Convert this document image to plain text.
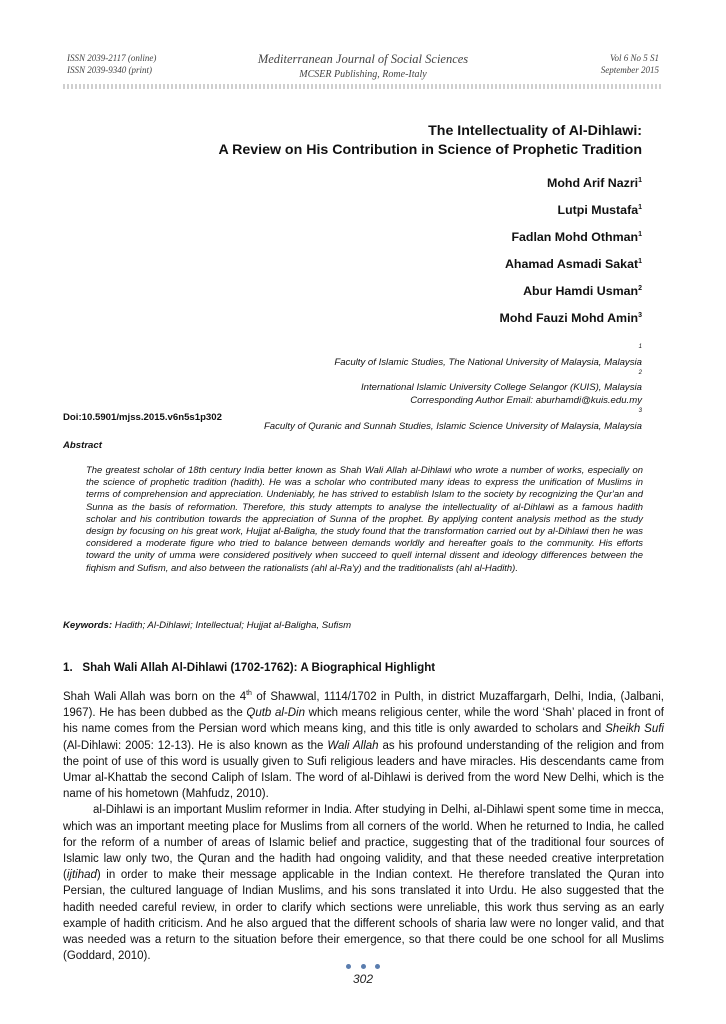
ISSN 2039-2117 (online)
ISSN 2039-9340 (print)
Mediterranean Journal of Social Sciences
MCSER Publishing, Rome-Italy
Vol 6 No 5 S1
September 2015
The Intellectuality of Al-Dihlawi:
A Review on His Contribution in Science of Prophetic Tradition
Mohd Arif Nazri$^1$
Lutpi Mustafa$^1$
Fadlan Mohd Othman$^1$
Ahamad Asmadi Sakat$^1$
Abur Hamdi Usman$^2$
Mohd Fauzi Mohd Amin$^3$
$^1$
Faculty of Islamic Studies, The National University of Malaysia, Malaysia
$^2$
International Islamic University College Selangor (KUIS), Malaysia
Corresponding Author Email: aburhamdi@kuis.edu.my
$^3$
Faculty of Quranic and Sunnah Studies, Islamic Science University of Malaysia, Malaysia
Doi:10.5901/mjss.2015.v6n5s1p302
Abstract
The greatest scholar of 18th century India better known as Shah Wali Allah al-Dihlawi who wrote a number of works, especially on the science of prophetic tradition (hadith). He was a scholar who contributed many ideas to express the unification of Muslims in terms of comprehension and appreciation. Undeniably, he has strived to establish Islam to the society by recognizing the Qur'an and Sunna as the basis of reformation. Therefore, this study attempts to analyse the intellectuality of al-Dihlawi as a famous hadith scholar and his contribution towards the appreciation of Sunna of the prophet. By applying content analysis method as the study design by focusing on his great work, Hujjat al-Baligha, the study found that the transformation carried out by al-Dihlawi then he was considered a moderate figure who tried to balance between demands worldly and hereafter goals to the community. His efforts toward the unity of umma were considered positively when succeed to quell internal dissent and ideology differences between the fiqhism and Sufism, and also between the rationalists (ahl al-Ra'y) and the traditionalists (ahl al-Hadith).
Keywords: Hadith; Al-Dihlawi; Intellectual; Hujjat al-Baligha, Sufism
1. Shah Wali Allah Al-Dihlawi (1702-1762): A Biographical Highlight

Shah Wali Allah was born on the 4th of Shawwal, 1114/1702 in Pulth, in district Muzaffargarh, Delhi, India, (Jalbani, 1967). He has been dubbed as the Qutb al-Din which means religious center, while the word ‘Shah’ placed in front of his name comes from the Persian word which means king, and this title is only awarded to scholars and Sheikh Sufi (Al-Dihlawi: 2005: 12-13). He is also known as the Wali Allah as his profound understanding of the religion and from the point of use of this word is usually given to Sufi religious leaders and have miracles. His descendants came from Umar al-Khattab the second Caliph of Islam. The word of al-Dihlawi is derived from the word New Delhi, which is the name of his hometown (Mahfudz, 2010).

al-Dihlawi is an important Muslim reformer in India. After studying in Delhi, al-Dihlawi spent some time in mecca, which was an important meeting place for Muslims from all corners of the world. When he returned to India, he called for the reform of a number of areas of Islamic belief and practice, suggesting that of the traditional four sources of Islamic law only two, the Quran and the hadith had ongoing validity, and that these needed creative interpretation (ijtihad) in order to make their message applicable in the Indian context. He therefore translated the Quran into Persian, the cultured language of Indian Muslims, and his sons translated it into Urdu. He also suggested that the hadith needed careful review, in order to clarify which sections were unreliable, this work thus serving as an early example of hadith criticism. And he also argued that the different schools of sharia law were no longer valid, and that was needed was a return to the situation before their emergence, so that there could be one school for all Muslims (Goddard, 2010).

302
